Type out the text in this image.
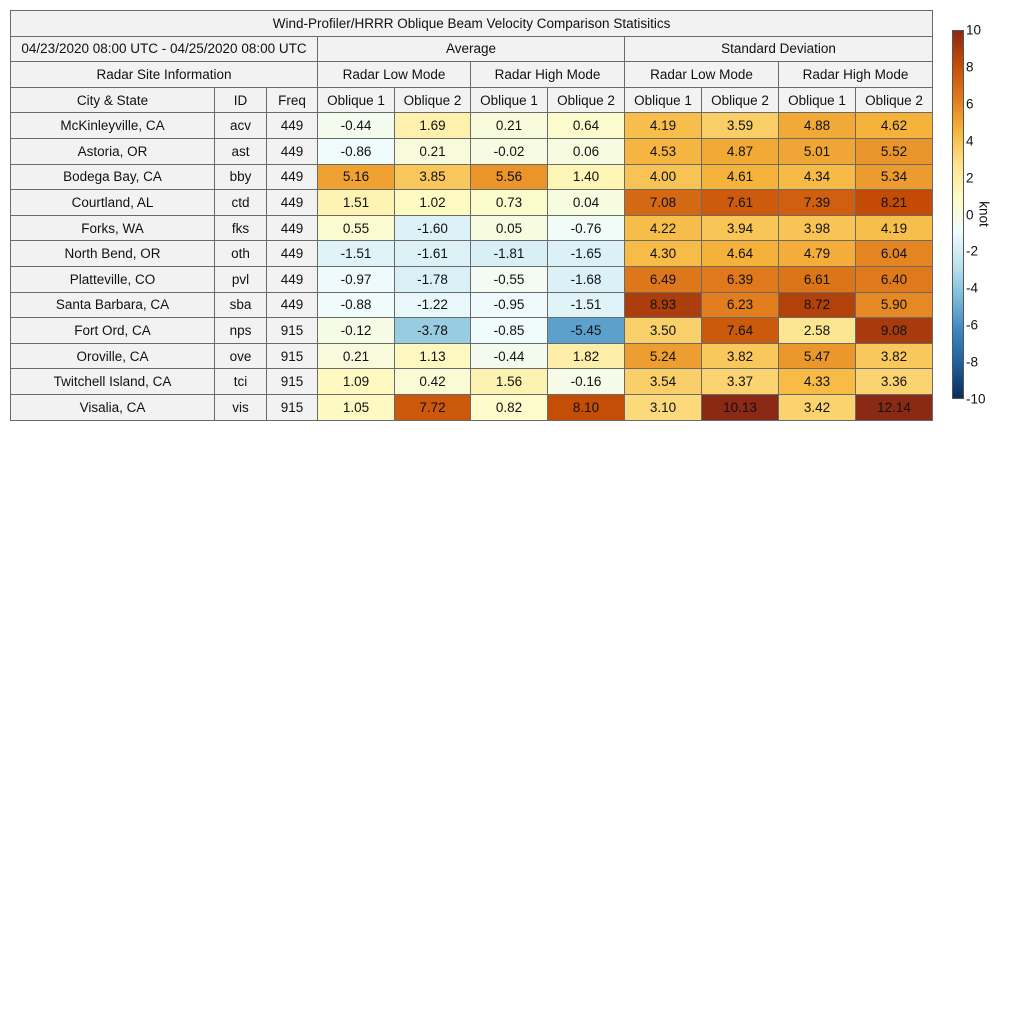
Wind-Profiler/HRRR Oblique Beam Velocity Comparison Statisitics										
04/23/2020 08:00 UTC - 04/25/2020 08:00 UTC			Average				Standard Deviation			
Radar Site Information			Radar Low Mode		Radar High Mode		Radar Low Mode		Radar High Mode	
City & State	ID	Freq	Oblique 1	Oblique 2	Oblique 1	Oblique 2	Oblique 1	Oblique 2	Oblique 1	Oblique 2
McKinleyville, CA	acv	449	-0.44	1.69	0.21	0.64	4.19	3.59	4.88	4.62
Astoria, OR	ast	449	-0.86	0.21	-0.02	0.06	4.53	4.87	5.01	5.52
Bodega Bay, CA	bby	449	5.16	3.85	5.56	1.40	4.00	4.61	4.34	5.34
Courtland, AL	ctd	449	1.51	1.02	0.73	0.04	7.08	7.61	7.39	8.21
Forks, WA	fks	449	0.55	-1.60	0.05	-0.76	4.22	3.94	3.98	4.19
North Bend, OR	oth	449	-1.51	-1.61	-1.81	-1.65	4.30	4.64	4.79	6.04
Platteville, CO	pvl	449	-0.97	-1.78	-0.55	-1.68	6.49	6.39	6.61	6.40
Santa Barbara, CA	sba	449	-0.88	-1.22	-0.95	-1.51	8.93	6.23	8.72	5.90
Fort Ord, CA	nps	915	-0.12	-3.78	-0.85	-5.45	3.50	7.64	2.58	9.08
Oroville, CA	ove	915	0.21	1.13	-0.44	1.82	5.24	3.82	5.47	3.82
Twitchell Island, CA	tci	915	1.09	0.42	1.56	-0.16	3.54	3.37	4.33	3.36
Visalia, CA	vis	915	1.05	7.72	0.82	8.10	3.10	10.13	3.42	12.14
10
8
6
4
2
0
-2
-4
-6
-8
-10
knot
